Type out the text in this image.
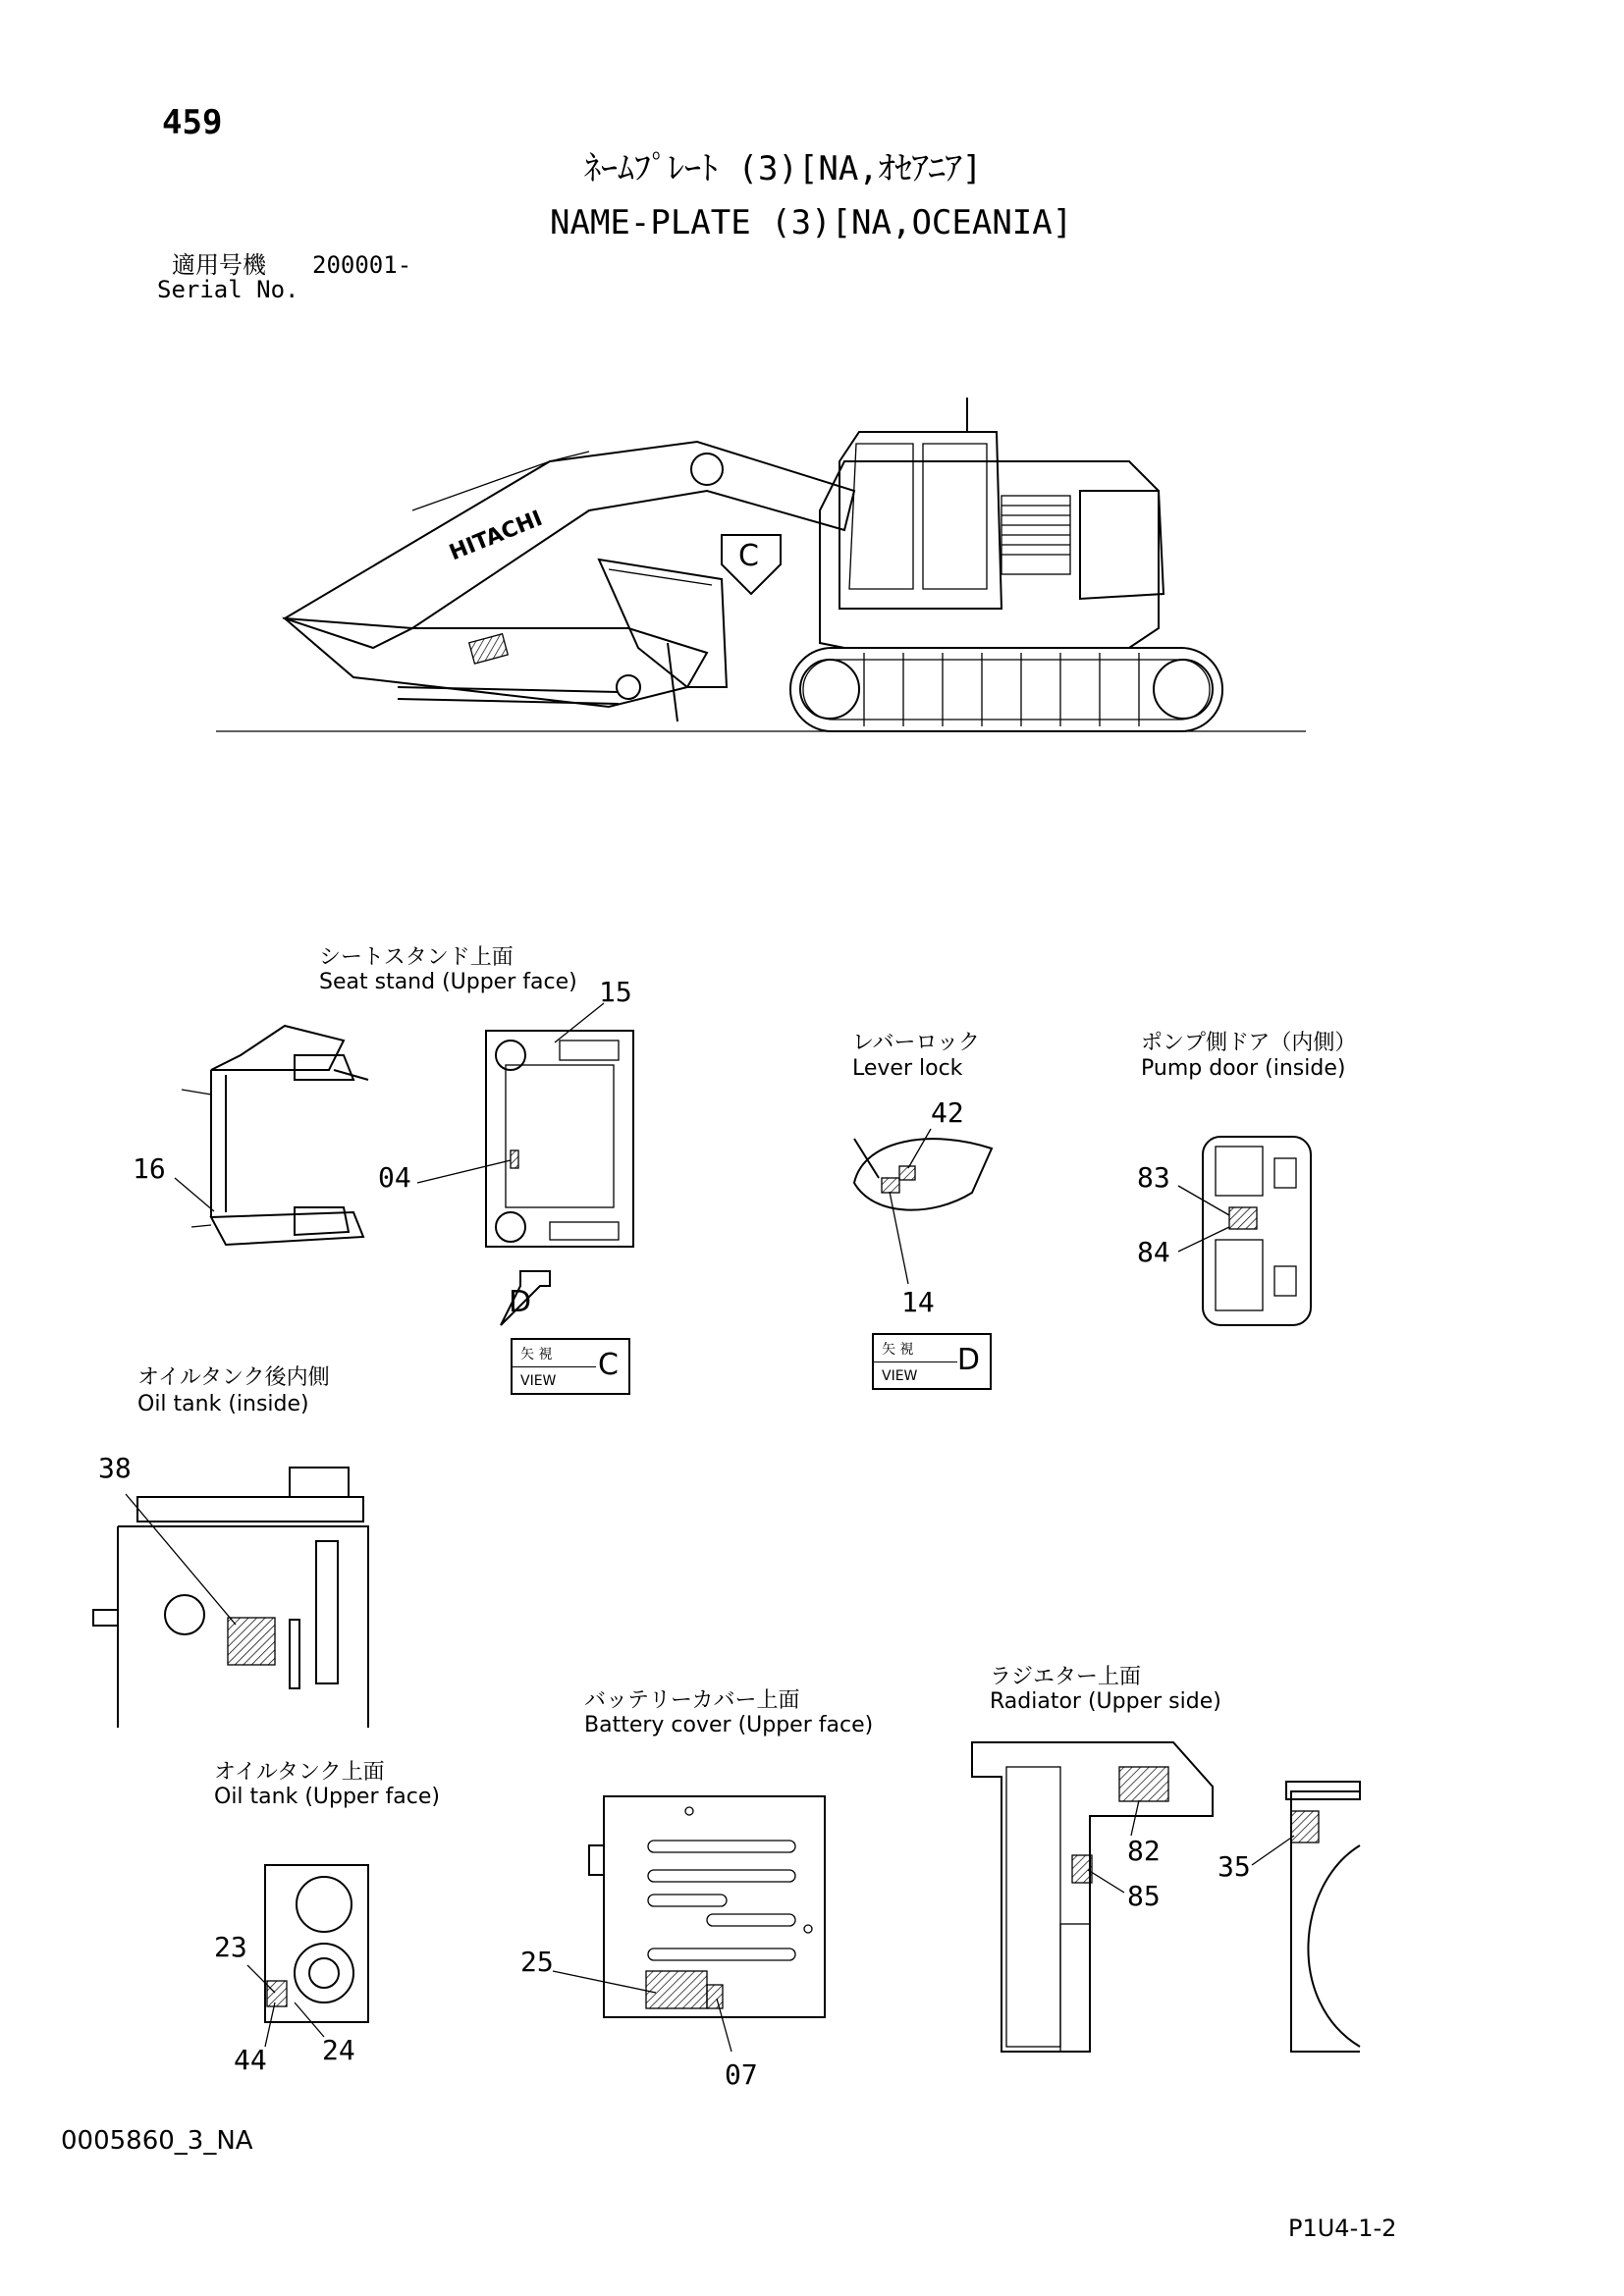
459
ﾈｰﾑﾌﾟﾚｰﾄ (3)[NA,ｵｾｱﾆｱ]
NAME-PLATE (3)[NA,OCEANIA]
適用号機 200001-
Serial No.
HITACHI	C
シートスタンド上面
Seat stand (Upper face) 15
16	04
D
レバーロック
Lever lock
42
14
ポンプ側ドア（内側）
Pump door (inside)
83
84
矢 視
VIEW C	矢 視
VIEW D
オイルタンク後内側
Oil tank (inside)
38
オイルタンク上面
Oil tank (Upper face)
23
44 24
バッテリーカバー上面
Battery cover (Upper face)
25
07
ラジエター上面
Radiator (Upper side)
82
85
35
0005860_3_NA
P1U4-1-2
